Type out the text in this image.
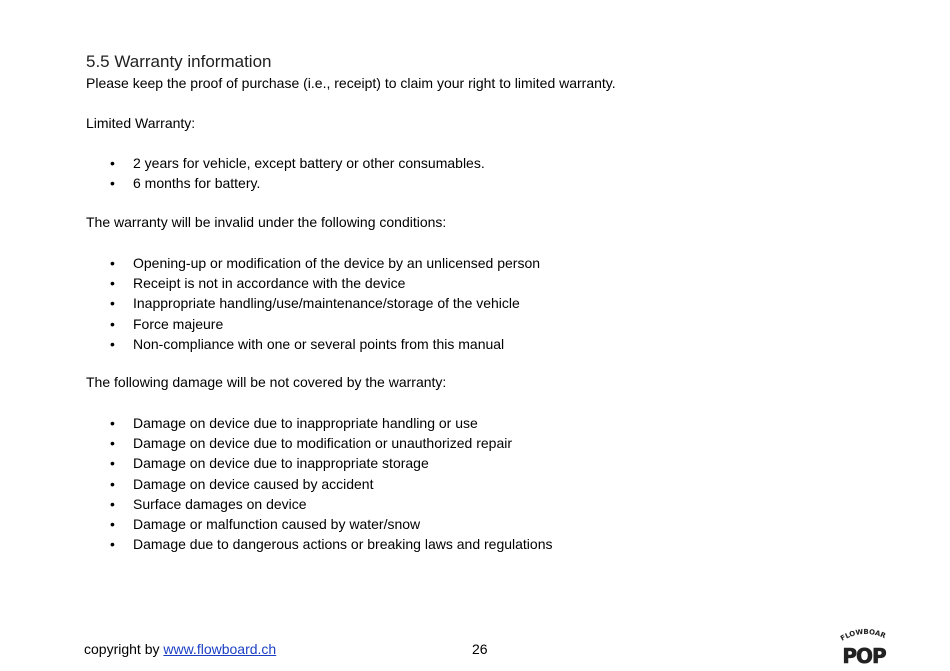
5.5 Warranty information

Please keep the proof of purchase (i.e., receipt) to claim your right to limited warranty.

Limited Warranty:

•	2 years for vehicle, except battery or other consumables.
•	6 months for battery.

The warranty will be invalid under the following conditions:

•	Opening-up or modification of the device by an unlicensed person
•	Receipt is not in accordance with the device
•	Inappropriate handling/use/maintenance/storage of the vehicle
•	Force majeure
•	Non-compliance with one or several points from this manual

The following damage will be not covered by the warranty:

•	Damage on device due to inappropriate handling or use
•	Damage on device due to modification or unauthorized repair
•	Damage on device due to inappropriate storage
•	Damage on device caused by accident
•	Surface damages on device
•	Damage or malfunction caused by water/snow
•	Damage due to dangerous actions or breaking laws and regulations
copyright by www.flowboard.ch	26
FLOWBOAR
POP
